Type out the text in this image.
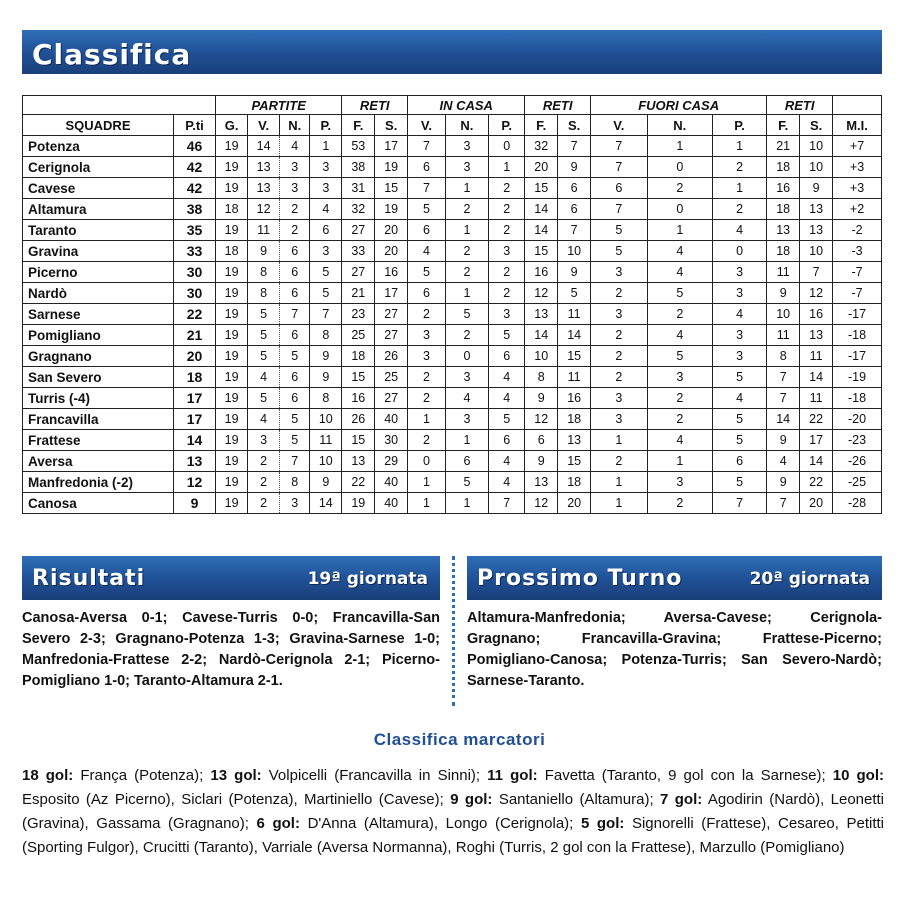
Classifica
		PARTITE				RETI		IN CASA			RETI		FUORI CASA			RETI		
SQUADRE	P.ti	G.	V.	N.	P.	F.	S.	V.	N.	P.	F.	S.	V.	N.	P.	F.	S.	M.I.
Potenza	46	19	14	4	1	53	17	7	3	0	32	7	7	1	1	21	10	+7
Cerignola	42	19	13	3	3	38	19	6	3	1	20	9	7	0	2	18	10	+3
Cavese	42	19	13	3	3	31	15	7	1	2	15	6	6	2	1	16	9	+3
Altamura	38	18	12	2	4	32	19	5	2	2	14	6	7	0	2	18	13	+2
Taranto	35	19	11	2	6	27	20	6	1	2	14	7	5	1	4	13	13	-2
Gravina	33	18	9	6	3	33	20	4	2	3	15	10	5	4	0	18	10	-3
Picerno	30	19	8	6	5	27	16	5	2	2	16	9	3	4	3	11	7	-7
Nardò	30	19	8	6	5	21	17	6	1	2	12	5	2	5	3	9	12	-7
Sarnese	22	19	5	7	7	23	27	2	5	3	13	11	3	2	4	10	16	-17
Pomigliano	21	19	5	6	8	25	27	3	2	5	14	14	2	4	3	11	13	-18
Gragnano	20	19	5	5	9	18	26	3	0	6	10	15	2	5	3	8	11	-17
San Severo	18	19	4	6	9	15	25	2	3	4	8	11	2	3	5	7	14	-19
Turris (-4)	17	19	5	6	8	16	27	2	4	4	9	16	3	2	4	7	11	-18
Francavilla	17	19	4	5	10	26	40	1	3	5	12	18	3	2	5	14	22	-20
Frattese	14	19	3	5	11	15	30	2	1	6	6	13	1	4	5	9	17	-23
Aversa	13	19	2	7	10	13	29	0	6	4	9	15	2	1	6	4	14	-26
Manfredonia (-2)	12	19	2	8	9	22	40	1	5	4	13	18	1	3	5	9	22	-25
Canosa	9	19	2	3	14	19	40	1	1	7	12	20	1	2	7	7	20	-28
Risultati	19ª giornata Prossimo Turno	20ª giornata
Canosa-Aversa 0-1; Cavese-Turris 0-0; Francavilla-San Severo 2-3; Gragnano-Potenza 1-3; Gravina-Sarnese 1-0; Manfredonia-Frattese 2-2; Nardò-Cerignola 2-1; Picerno-Pomigliano 1-0; Taranto-Altamura 2-1.
Altamura-Manfredonia; Aversa-Cavese; Cerignola-Gragnano; Francavilla-Gravina; Frattese-Picerno; Pomigliano-Canosa; Potenza-Turris; San Severo-Nardò; Sarnese-Taranto.
Classifica marcatori
18 gol: França (Potenza); 13 gol: Volpicelli (Francavilla in Sinni); 11 gol: Favetta (Taranto, 9 gol con la Sarnese); 10 gol: Esposito (Az Picerno), Siclari (Potenza), Martiniello (Cavese); 9 gol: Santaniello (Altamura); 7 gol: Agodirin (Nardò), Leonetti (Gravina), Gassama (Gragnano); 6 gol: D'Anna (Altamura), Longo (Cerignola); 5 gol: Signorelli (Frattese), Cesareo, Petitti (Sporting Fulgor), Crucitti (Taranto), Varriale (Aversa Normanna), Roghi (Turris, 2 gol con la Frattese), Marzullo (Pomigliano)
